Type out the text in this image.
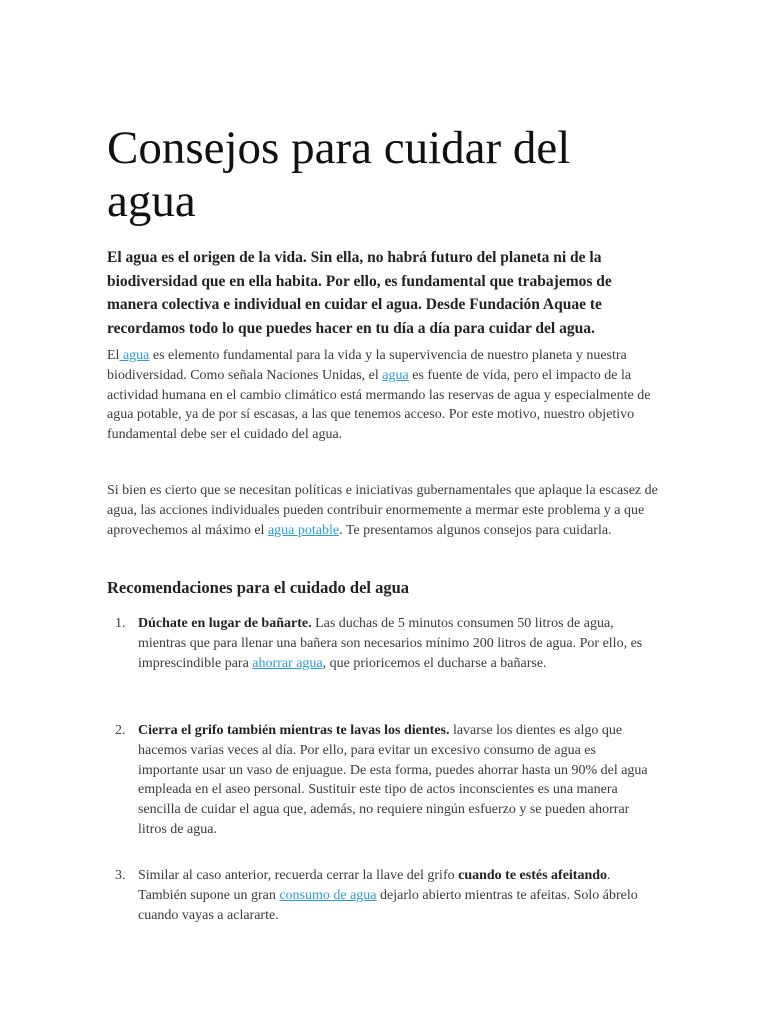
Consejos para cuidar del agua

El agua es el origen de la vida. Sin ella, no habrá futuro del planeta ni de la biodiversidad que en ella habita. Por ello, es fundamental que trabajemos de manera colectiva e individual en cuidar el agua. Desde Fundación Aquae te recordamos todo lo que puedes hacer en tu día a día para cuidar del agua.

El agua es elemento fundamental para la vida y la supervivencia de nuestro planeta y nuestra biodiversidad. Como señala Naciones Unidas, el agua es fuente de vida, pero el impacto de la actividad humana en el cambio climático está mermando las reservas de agua y especialmente de agua potable, ya de por sí escasas, a las que tenemos acceso. Por este motivo, nuestro objetivo fundamental debe ser el cuidado del agua.

Si bien es cierto que se necesitan políticas e iniciativas gubernamentales que aplaque la escasez de agua, las acciones individuales pueden contribuir enormemente a mermar este problema y a que aprovechemos al máximo el agua potable. Te presentamos algunos consejos para cuidarla.

Recomendaciones para el cuidado del agua
1. Dúchate en lugar de bañarte. Las duchas de 5 minutos consumen 50 litros de agua, mientras que para llenar una bañera son necesarios mínimo 200 litros de agua. Por ello, es imprescindible para ahorrar agua, que prioricemos el ducharse a bañarse.
2. Cierra el grifo también mientras te lavas los dientes. lavarse los dientes es algo que hacemos varias veces al día. Por ello, para evitar un excesivo consumo de agua es importante usar un vaso de enjuague. De esta forma, puedes ahorrar hasta un 90% del agua empleada en el aseo personal. Sustituir este tipo de actos inconscientes es una manera sencilla de cuidar el agua que, además, no requiere ningún esfuerzo y se pueden ahorrar litros de agua.
3. Similar al caso anterior, recuerda cerrar la llave del grifo cuando te estés afeitando. También supone un gran consumo de agua dejarlo abierto mientras te afeitas. Solo ábrelo cuando vayas a aclararte.
